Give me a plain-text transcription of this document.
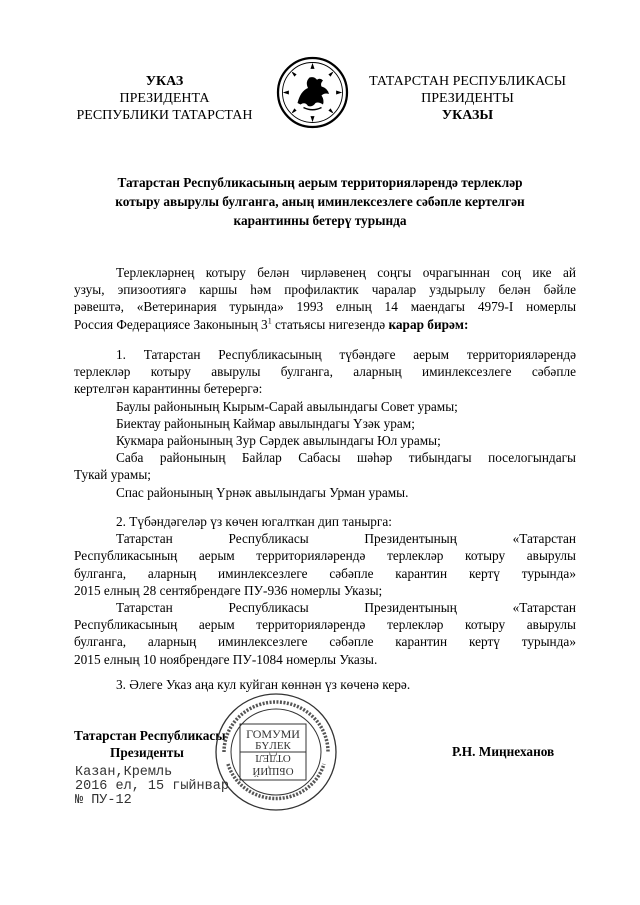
УКАЗ
ПРЕЗИДЕНТА
РЕСПУБЛИКИ ТАТАРСТАН
ТАТАРСТАН РЕСПУБЛИКАСЫ
ПРЕЗИДЕНТЫ
УКАЗЫ
Татарстан Республикасының аерым территорияләрендә терлекләр
котыру авырулы булганга, аның иминлексезлеге сәбәпле кертелгән
карантинны бетерү турында
Терлекләрнең котыру белән чирләвенең соңгы очрагыннан соң ике ай
узуы, эпизоотиягә каршы һәм профилактик чаралар уздырылу белән бәйле
рәвештә, «Ветеринария турында» 1993 елның 14 маендагы 4979-I номерлы
Россия Федерациясе Законының $3^1$ статьясы нигезендә карар бирәм:
1. Татарстан Республикасының түбәндәге аерым территорияләрендә
терлекләр котыру авырулы булганга, аларның иминлексезлеге сәбәпле
кертелгән карантинны бетерергә:
Баулы районының Кырым-Сарай авылындагы Совет урамы;
Биектау районының Каймар авылындагы Үзәк урам;
Кукмара районының Зур Сәрдек авылындагы Юл урамы;
Саба районының Байлар Сабасы шәһәр тибындагы поселогындагы
Тукай урамы;
Спас районының Үрнәк авылындагы Урман урамы.
2. Түбәндәгеләр үз көчен югалткан дип танырга:
Татарстан Республикасы Президентының «Татарстан
Республикасының аерым территорияләрендә терлекләр котыру авырулы
булганга, аларның иминлексезлеге сәбәпле карантин кертү турында»
2015 елның 28 сентябрендәге ПУ-936 номерлы Указы;
Татарстан Республикасы Президентының «Татарстан
Республикасының аерым территорияләрендә терлекләр котыру авырулы
булганга, аларның иминлексезлеге сәбәпле карантин кертү турында»
2015 елның 10 ноябрендәге ПУ-1084 номерлы Указы.
3. Әлеге Указ аңа кул куйган көннән үз көченә керә.
Татарстан Республикасы
Президенты	Р.Н. Миңнеханов
Казан,Кремль
2016 ел, 15 гыйнвар
№ ПУ-12
ГОМУМИ
БҮЛЕК
ОТДЕЛ
ОБЩИЙ
